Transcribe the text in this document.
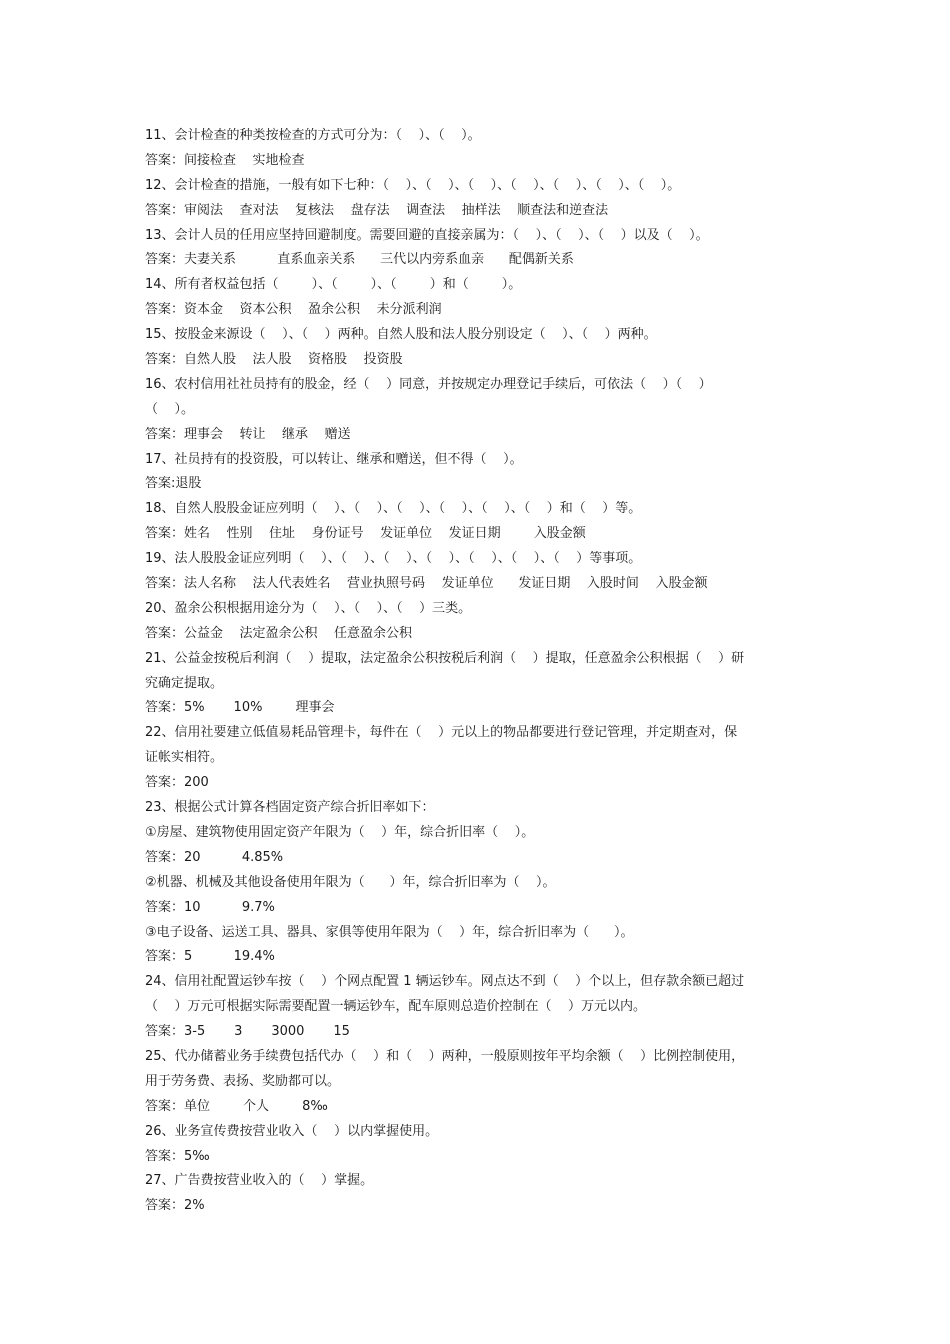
11、会计检查的种类按检查的方式可分为：（    ）、（    ）。
答案：间接检查    实地检查
12、会计检查的措施，一般有如下七种：（    ）、（    ）、（    ）、（    ）、（    ）、（    ）、（    ）。
答案：审阅法    查对法    复核法    盘存法    调查法    抽样法    顺查法和逆查法
13、会计人员的任用应坚持回避制度。需要回避的直接亲属为：（    ）、（    ）、（    ）以及（    ）。
答案：夫妻关系          直系血亲关系      三代以内旁系血亲      配偶新关系
14、所有者权益包括（        ）、（        ）、（        ）和（        ）。
答案：资本金    资本公积    盈余公积    未分派利润
15、按股金来源设（    ）、（    ）两种。自然人股和法人股分别设定（    ）、（    ）两种。
答案：自然人股    法人股    资格股    投资股
16、农村信用社社员持有的股金，经（    ）同意，并按规定办理登记手续后，可依法（    ）（    ）
（    ）。
答案：理事会    转让    继承    赠送
17、社员持有的投资股，可以转让、继承和赠送，但不得（    ）。
答案:退股
18、自然人股股金证应列明（    ）、（    ）、（    ）、（    ）、（    ）、（    ）和（    ）等。
答案：姓名    性别    住址    身份证号    发证单位    发证日期        入股金额
19、法人股股金证应列明（    ）、（    ）、（    ）、（    ）、（    ）、（    ）、（    ）等事项。
答案：法人名称    法人代表姓名    营业执照号码    发证单位      发证日期    入股时间    入股金额
20、盈余公积根据用途分为（    ）、（    ）、（    ）三类。
答案：公益金    法定盈余公积    任意盈余公积
21、公益金按税后利润（    ）提取，法定盈余公积按税后利润（    ）提取，任意盈余公积根据（    ）研
究确定提取。
答案：5%       10%        理事会
22、信用社要建立低值易耗品管理卡，每件在（    ）元以上的物品都要进行登记管理，并定期查对，保
证帐实相符。
答案：200
23、根据公式计算各档固定资产综合折旧率如下：
①房屋、建筑物使用固定资产年限为（    ）年，综合折旧率（    ）。
答案：20          4.85%
②机器、机械及其他设备使用年限为（      ）年，综合折旧率为（    ）。
答案：10          9.7%
③电子设备、运送工具、器具、家俱等使用年限为（    ）年，综合折旧率为（      ）。
答案：5          19.4%
24、信用社配置运钞车按（    ）个网点配置 1 辆运钞车。网点达不到（    ）个以上，但存款余额已超过
（    ）万元可根据实际需要配置一辆运钞车，配车原则总造价控制在（    ）万元以内。
答案：3-5       3       3000       15
25、代办储蓄业务手续费包括代办（    ）和（    ）两种，一般原则按年平均余额（    ）比例控制使用，
用于劳务费、表扬、奖励都可以。
答案：单位        个人        8‰
26、业务宣传费按营业收入（    ）以内掌握使用。
答案：5‰
27、广告费按营业收入的（    ）掌握。
答案：2%
